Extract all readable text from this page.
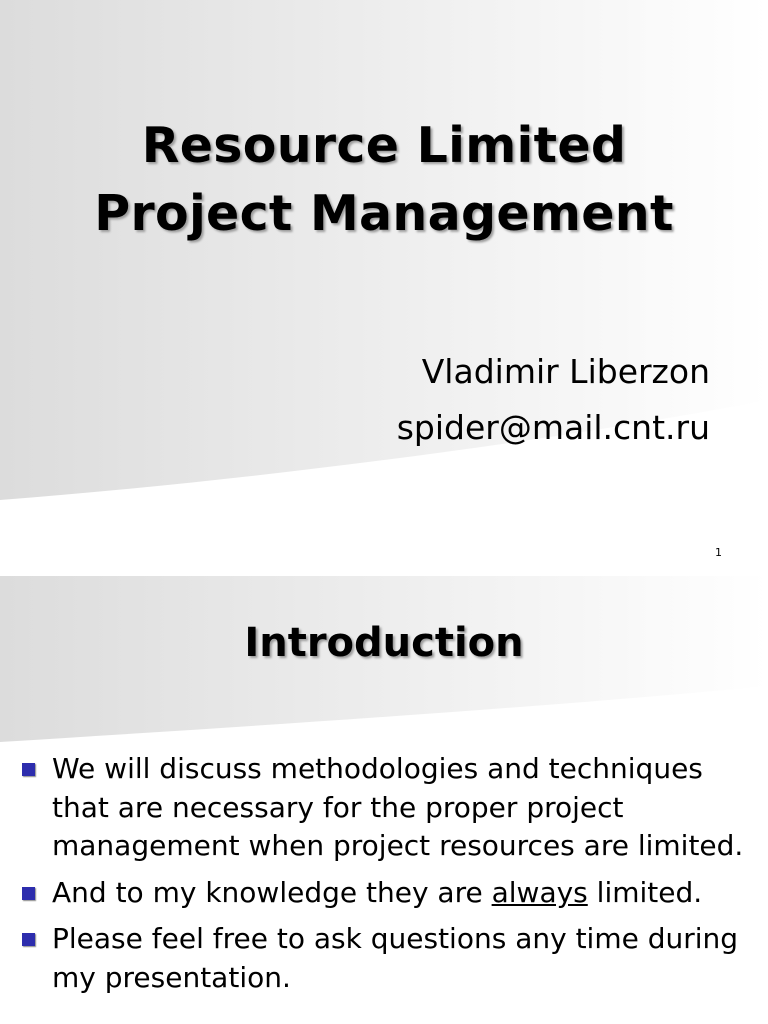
Resource Limited
Project Management
Vladimir Liberzon
spider@mail.cnt.ru
1
Introduction
We will discuss methodologies and techniques that are necessary for the proper project management when project resources are limited.
And to my knowledge they are always limited.
Please feel free to ask questions any time during my presentation.
